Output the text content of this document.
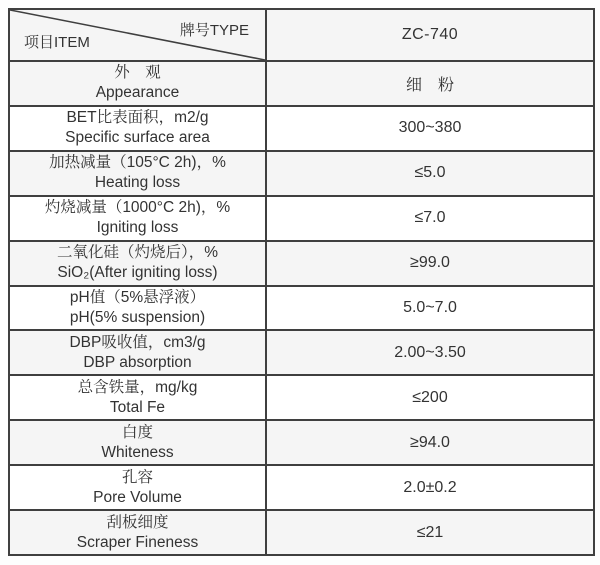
牌号TYPE
项目ITEM	ZC-740
外　观
Appearance	细　粉
BET比表面积，m2/g
Specific surface area
300~380
加热减量（105°C 2h)，%
Heating loss
≤5.0
灼烧减量（1000°C 2h)，%
Igniting loss
≤7.0
二氧化硅（灼烧后），%
SiO₂(After igniting loss)
≥99.0
pH值（5%悬浮液）
pH(5% suspension)
5.0~7.0
DBP吸收值，cm3/g
DBP absorption
2.00~3.50
总含铁量，mg/kg
Total Fe
≤200
白度
Whiteness
≥94.0
孔容
Pore Volume
2.0±0.2
刮板细度
Scraper Fineness
≤21
